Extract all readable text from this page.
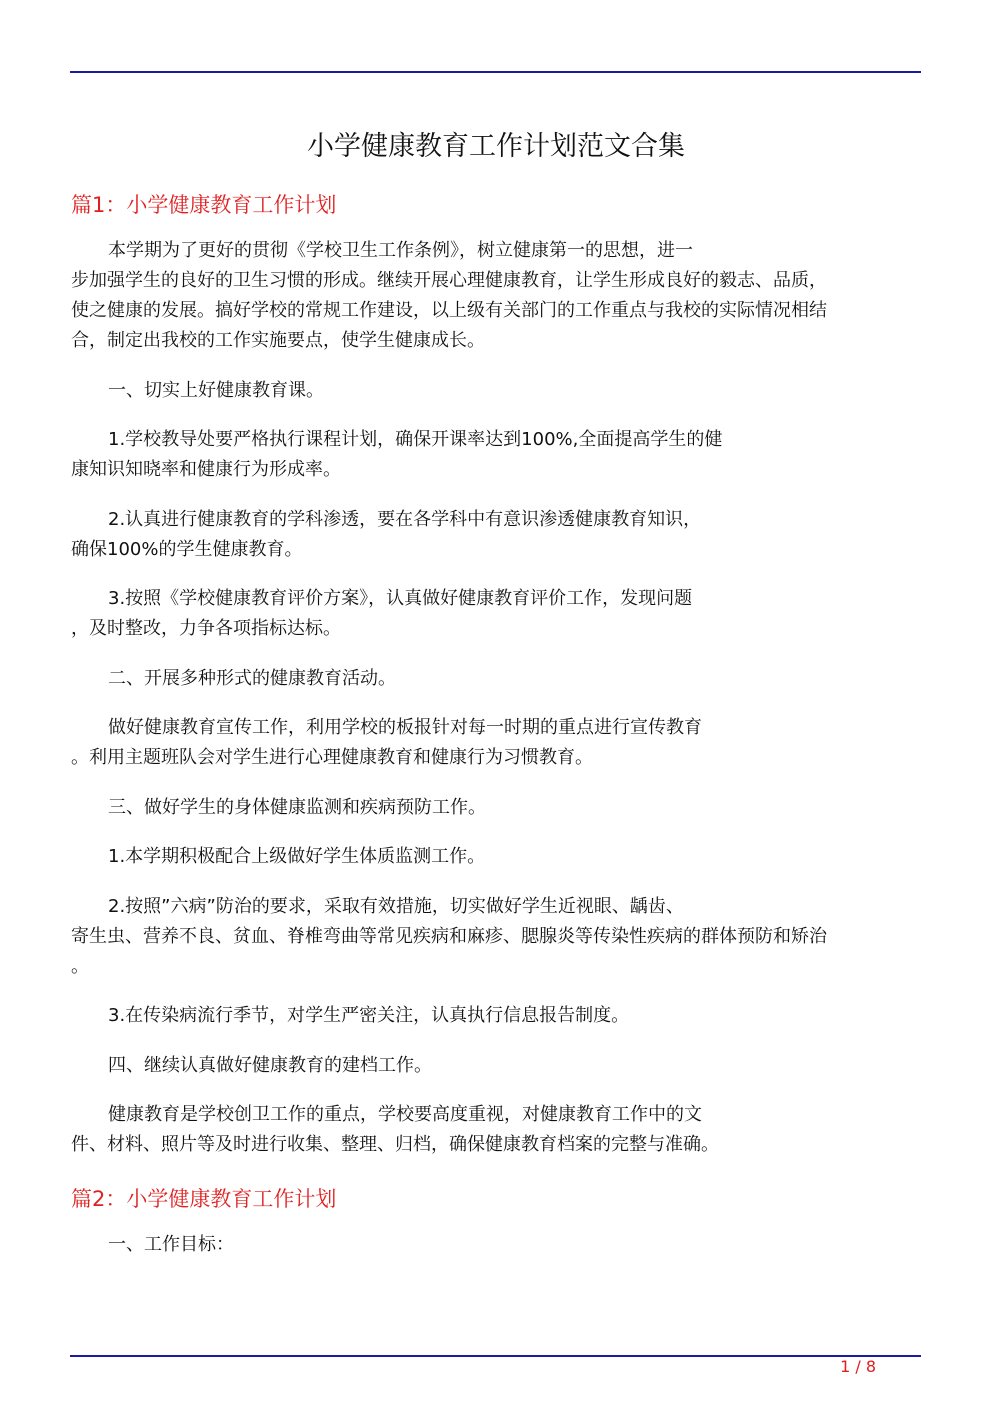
小学健康教育工作计划范文合集
篇1：小学健康教育工作计划
本学期为了更好的贯彻《学校卫生工作条例》，树立健康第一的思想，进一
步加强学生的良好的卫生习惯的形成。继续开展心理健康教育，让学生形成良好的毅志、品质，
使之健康的发展。搞好学校的常规工作建设，以上级有关部门的工作重点与我校的实际情况相结
合，制定出我校的工作实施要点，使学生健康成长。
一、切实上好健康教育课。
1.学校教导处要严格执行课程计划，确保开课率达到100%,全面提高学生的健
康知识知晓率和健康行为形成率。
2.认真进行健康教育的学科渗透，要在各学科中有意识渗透健康教育知识，
确保100%的学生健康教育。
3.按照《学校健康教育评价方案》，认真做好健康教育评价工作，发现问题
，及时整改，力争各项指标达标。
二、开展多种形式的健康教育活动。
做好健康教育宣传工作，利用学校的板报针对每一时期的重点进行宣传教育
。利用主题班队会对学生进行心理健康教育和健康行为习惯教育。
三、做好学生的身体健康监测和疾病预防工作。
1.本学期积极配合上级做好学生体质监测工作。
2.按照”六病”防治的要求，采取有效措施，切实做好学生近视眼、龋齿、
寄生虫、营养不良、贫血、脊椎弯曲等常见疾病和麻疹、腮腺炎等传染性疾病的群体预防和矫治
。
3.在传染病流行季节，对学生严密关注，认真执行信息报告制度。
四、继续认真做好健康教育的建档工作。
健康教育是学校创卫工作的重点，学校要高度重视，对健康教育工作中的文
件、材料、照片等及时进行收集、整理、归档，确保健康教育档案的完整与准确。
篇2：小学健康教育工作计划
一、工作目标：
1 / 8
